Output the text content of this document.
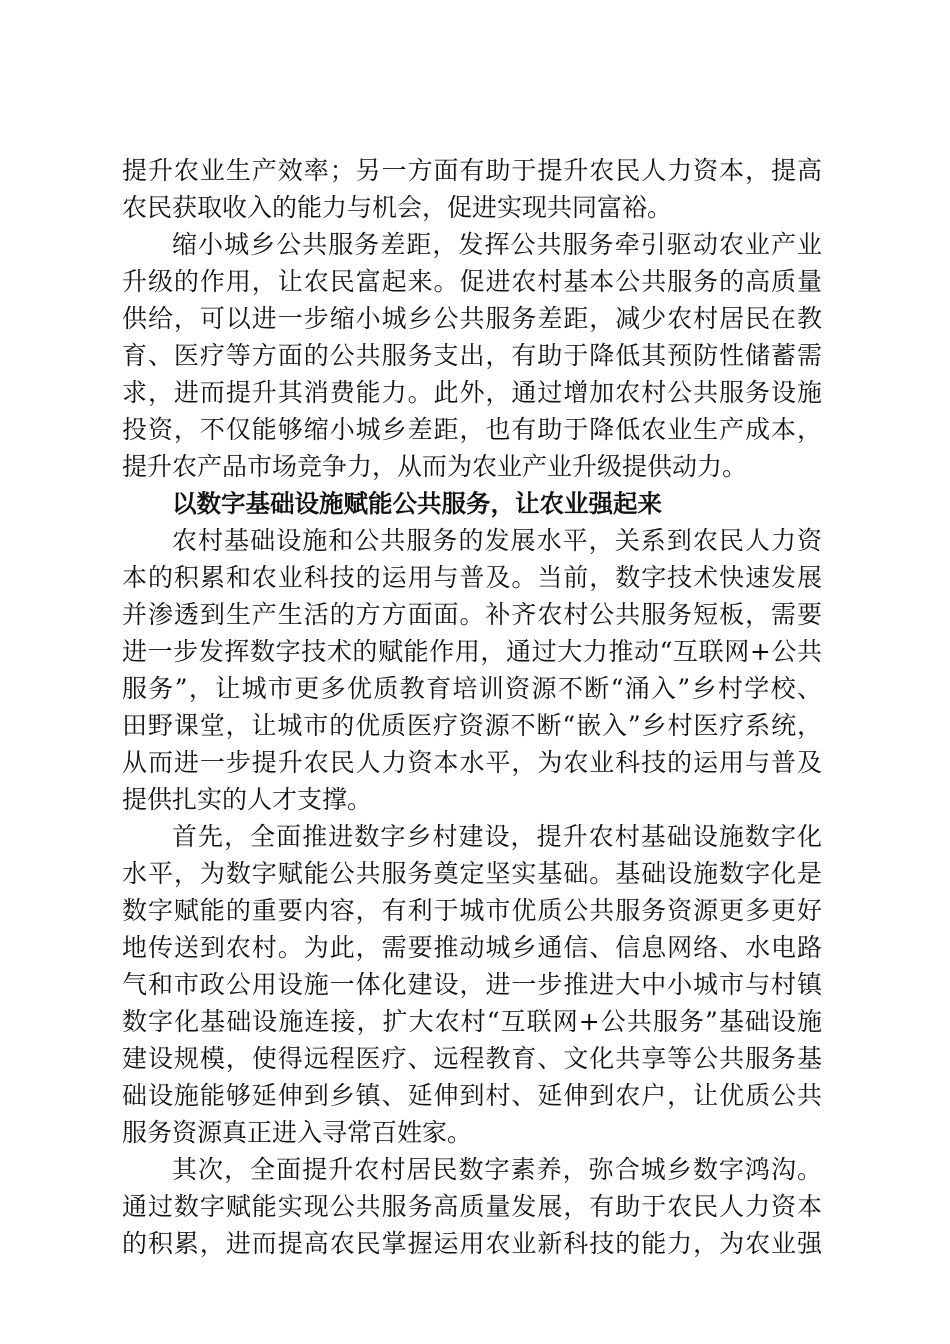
提升农业生产效率；另一方面有助于提升农民人力资本，提高
农民获取收入的能力与机会，促进实现共同富裕。
缩小城乡公共服务差距，发挥公共服务牵引驱动农业产业
升级的作用，让农民富起来。促进农村基本公共服务的高质量
供给，可以进一步缩小城乡公共服务差距，减少农村居民在教
育、医疗等方面的公共服务支出，有助于降低其预防性储蓄需
求，进而提升其消费能力。此外，通过增加农村公共服务设施
投资，不仅能够缩小城乡差距，也有助于降低农业生产成本，
提升农产品市场竞争力，从而为农业产业升级提供动力。
以数字基础设施赋能公共服务，让农业强起来
农村基础设施和公共服务的发展水平，关系到农民人力资
本的积累和农业科技的运用与普及。当前，数字技术快速发展
并渗透到生产生活的方方面面。补齐农村公共服务短板，需要
进一步发挥数字技术的赋能作用，通过大力推动“互联网+公共
服务”，让城市更多优质教育培训资源不断“涌入”乡村学校、
田野课堂，让城市的优质医疗资源不断“嵌入”乡村医疗系统，
从而进一步提升农民人力资本水平，为农业科技的运用与普及
提供扎实的人才支撑。
首先，全面推进数字乡村建设，提升农村基础设施数字化
水平，为数字赋能公共服务奠定坚实基础。基础设施数字化是
数字赋能的重要内容，有利于城市优质公共服务资源更多更好
地传送到农村。为此，需要推动城乡通信、信息网络、水电路
气和市政公用设施一体化建设，进一步推进大中小城市与村镇
数字化基础设施连接，扩大农村“互联网+公共服务”基础设施
建设规模，使得远程医疗、远程教育、文化共享等公共服务基
础设施能够延伸到乡镇、延伸到村、延伸到农户，让优质公共
服务资源真正进入寻常百姓家。
其次，全面提升农村居民数字素养，弥合城乡数字鸿沟。
通过数字赋能实现公共服务高质量发展，有助于农民人力资本
的积累，进而提高农民掌握运用农业新科技的能力，为农业强
